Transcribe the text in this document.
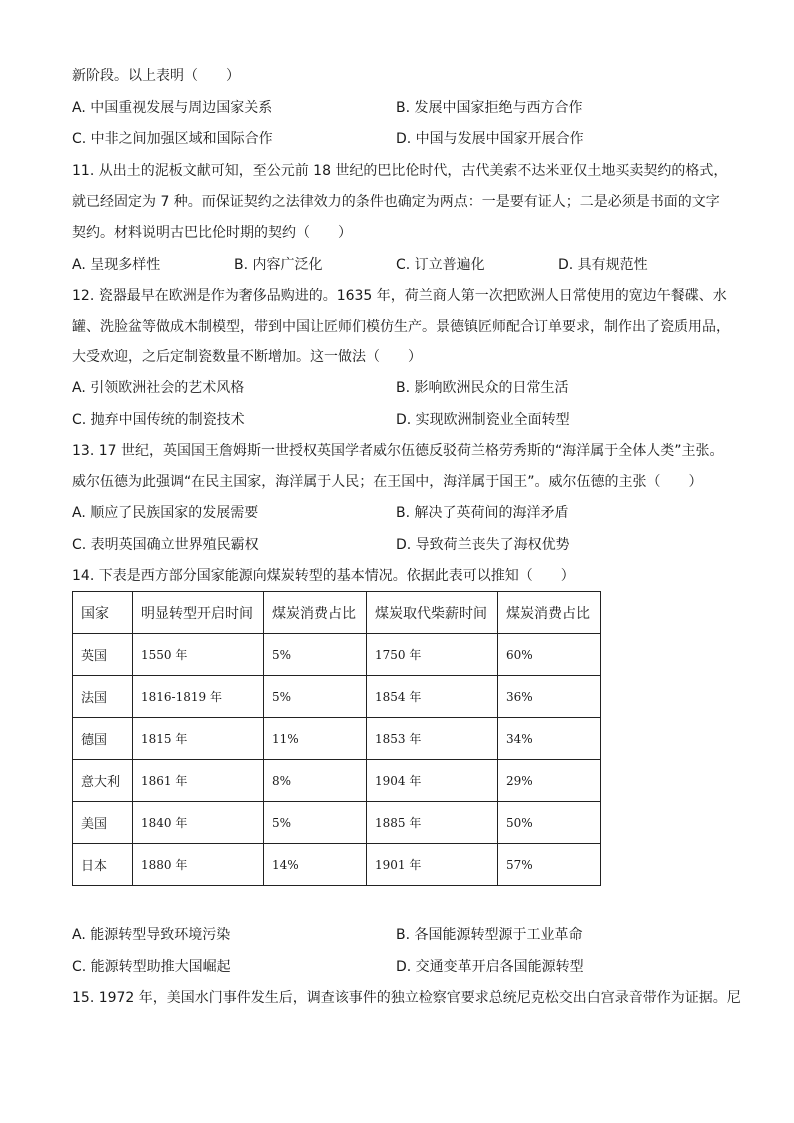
新阶段。以上表明（　　）
A. 中国重视发展与周边国家关系	B. 发展中国家拒绝与西方合作
C. 中非之间加强区域和国际合作	D. 中国与发展中国家开展合作
11. 从出土的泥板文献可知，至公元前 18 世纪的巴比伦时代，古代美索不达米亚仅土地买卖契约的格式，
就已经固定为 7 种。而保证契约之法律效力的条件也确定为两点：一是要有证人；二是必须是书面的文字
契约。材料说明古巴比伦时期的契约（　　）
A. 呈现多样性	B. 内容广泛化	C. 订立普遍化	D. 具有规范性
12. 瓷器最早在欧洲是作为奢侈品购进的。1635 年，荷兰商人第一次把欧洲人日常使用的宽边午餐碟、水
罐、洗脸盆等做成木制模型，带到中国让匠师们模仿生产。景德镇匠师配合订单要求，制作出了瓷质用品，
大受欢迎，之后定制瓷数量不断增加。这一做法（　　）
A. 引领欧洲社会的艺术风格	B. 影响欧洲民众的日常生活
C. 抛弃中国传统的制瓷技术	D. 实现欧洲制瓷业全面转型
13. 17 世纪，英国国王詹姆斯一世授权英国学者威尔伍德反驳荷兰格劳秀斯的“海洋属于全体人类”主张。
威尔伍德为此强调“在民主国家，海洋属于人民；在王国中，海洋属于国王”。威尔伍德的主张（　　）
A. 顺应了民族国家的发展需要	B. 解决了英荷间的海洋矛盾
C. 表明英国确立世界殖民霸权	D. 导致荷兰丧失了海权优势
14. 下表是西方部分国家能源向煤炭转型的基本情况。依据此表可以推知（　　）
国家	明显转型开启时间	煤炭消费占比	煤炭取代柴薪时间	煤炭消费占比
英国	1550 年	5%	1750 年	60%
法国	1816-1819 年	5%	1854 年	36%
德国	1815 年	11%	1853 年	34%
意大利	1861 年	8%	1904 年	29%
美国	1840 年	5%	1885 年	50%
日本	1880 年	14%	1901 年	57%
A. 能源转型导致环境污染	B. 各国能源转型源于工业革命
C. 能源转型助推大国崛起	D. 交通变革开启各国能源转型
15. 1972 年，美国水门事件发生后，调查该事件的独立检察官要求总统尼克松交出白宫录音带作为证据。尼
